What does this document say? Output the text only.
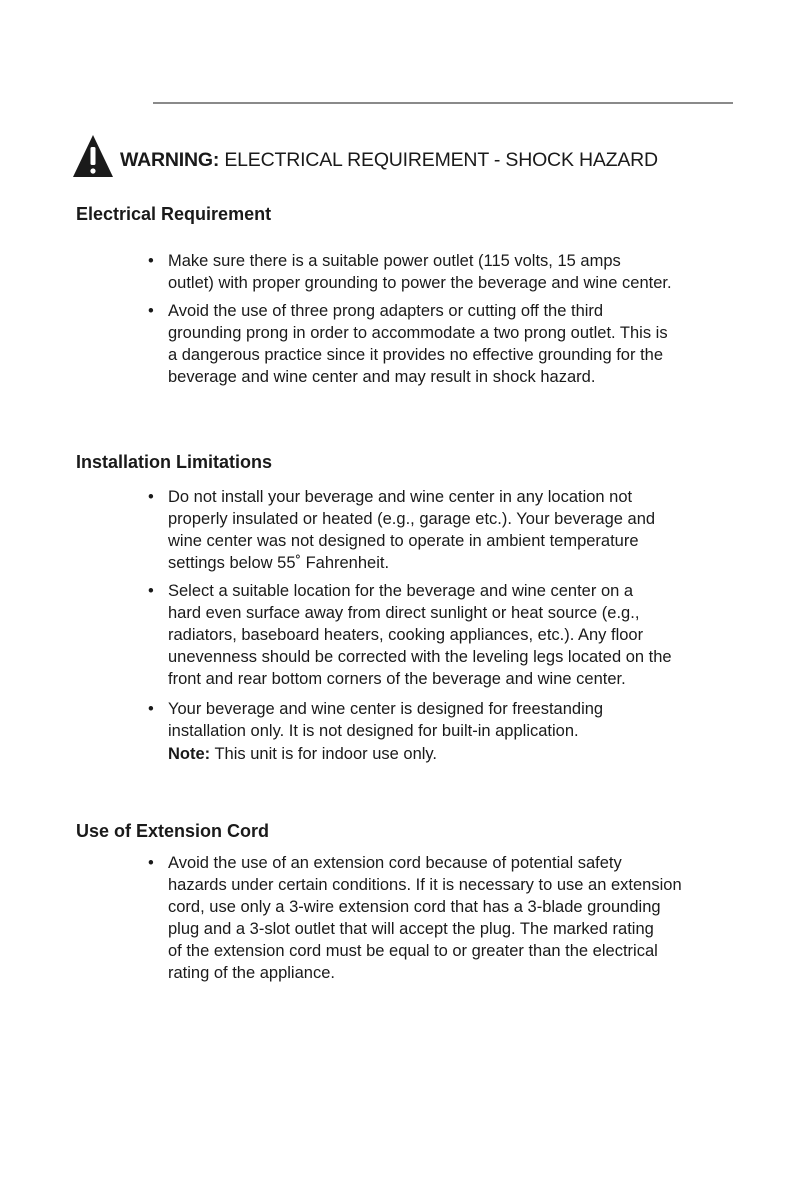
WARNING: ELECTRICAL REQUIREMENT - SHOCK HAZARD
Electrical Requirement
• Make sure there is a suitable power outlet (115 volts, 15 amps
outlet) with proper grounding to power the beverage and wine center.
• Avoid the use of three prong adapters or cutting off the third
grounding prong in order to accommodate a two prong outlet. This is
a dangerous practice since it provides no effective grounding for the
beverage and wine center and may result in shock hazard.
Installation Limitations
• Do not install your beverage and wine center in any location not
properly insulated or heated (e.g., garage etc.). Your beverage and
wine center was not designed to operate in ambient temperature
settings below 55˚ Fahrenheit.
• Select a suitable location for the beverage and wine center on a
hard even surface away from direct sunlight or heat source (e.g.,
radiators, baseboard heaters, cooking appliances, etc.). Any floor
unevenness should be corrected with the leveling legs located on the
front and rear bottom corners of the beverage and wine center.
• Your beverage and wine center is designed for freestanding
installation only. It is not designed for built-in application.
Note: This unit is for indoor use only.
Use of Extension Cord
• Avoid the use of an extension cord because of potential safety
hazards under certain conditions. If it is necessary to use an extension
cord, use only a 3-wire extension cord that has a 3-blade grounding
plug and a 3-slot outlet that will accept the plug. The marked rating
of the extension cord must be equal to or greater than the electrical
rating of the appliance.
